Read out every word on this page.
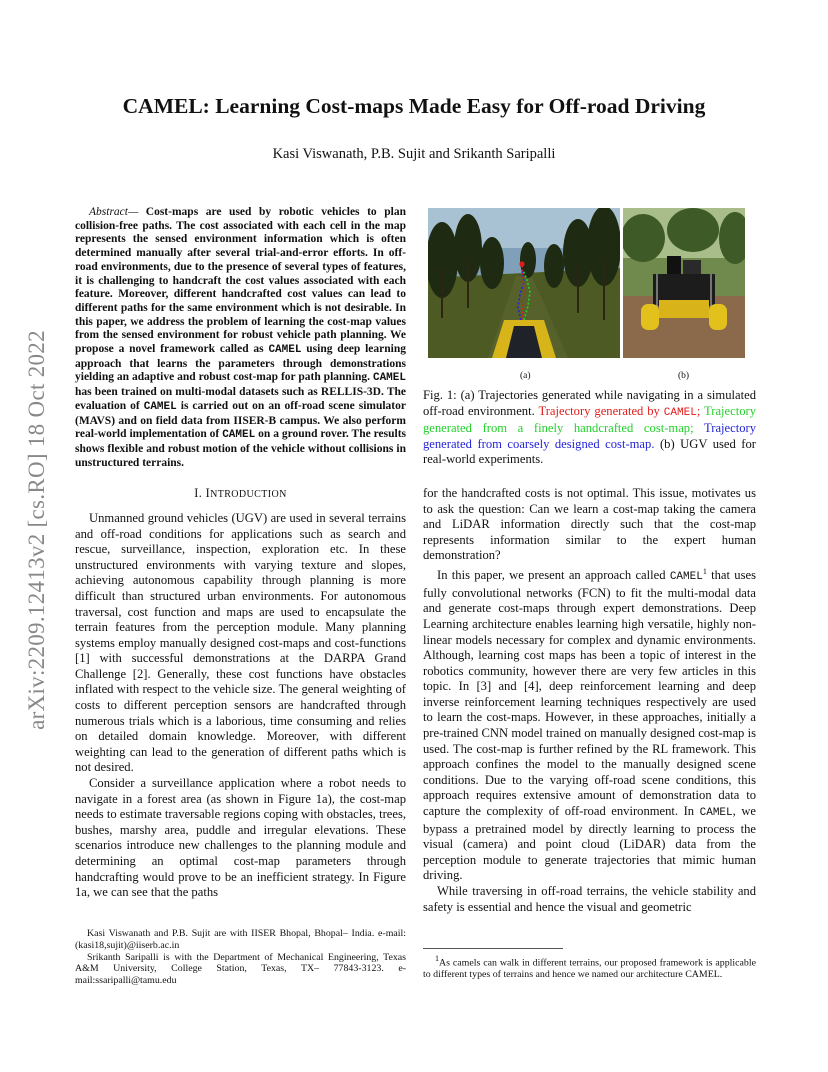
arXiv:2209.12413v2 [cs.RO] 18 Oct 2022
CAMEL: Learning Cost-maps Made Easy for Off-road Driving
Kasi Viswanath, P.B. Sujit and Srikanth Saripalli

Abstract— Cost-maps are used by robotic vehicles to plan collision-free paths. The cost associated with each cell in the map represents the sensed environment information which is often determined manually after several trial-and-error efforts. In off-road environments, due to the presence of several types of features, it is challenging to handcraft the cost values associated with each feature. Moreover, different handcrafted cost values can lead to different paths for the same environment which is not desirable. In this paper, we address the problem of learning the cost-map values from the sensed environment for robust vehicle path planning. We propose a novel framework called as CAMEL using deep learning approach that learns the parameters through demonstrations yielding an adaptive and robust cost-map for path planning. CAMEL has been trained on multi-modal datasets such as RELLIS-3D. The evaluation of CAMEL is carried out on an off-road scene simulator (MAVS) and on field data from IISER-B campus. We also perform real-world implementation of CAMEL on a ground rover. The results shows flexible and robust motion of the vehicle without collisions in unstructured terrains.

I. INTRODUCTION

Unmanned ground vehicles (UGV) are used in several terrains and off-road conditions for applications such as search and rescue, surveillance, inspection, exploration etc. In these unstructured environments with varying texture and slopes, achieving autonomous capability through planning is more difficult than structured urban environments. For autonomous traversal, cost function and maps are used to encapsulate the terrain features from the perception module. Many planning systems employ manually designed cost-maps and cost-functions [1] with successful demonstrations at the DARPA Grand Challenge [2]. Generally, these cost functions have obstacles inflated with respect to the vehicle size. The general weighting of costs to different perception sensors are handcrafted through numerous trials which is a laborious, time consuming and relies on detailed domain knowledge. Moreover, with different weighting can lead to the generation of different paths which is not desired.

Consider a surveillance application where a robot needs to navigate in a forest area (as shown in Figure 1a), the cost-map needs to estimate traversable regions coping with obstacles, trees, bushes, marshy area, puddle and irregular elevations. These scenarios introduce new challenges to the planning module and determining an optimal cost-map parameters through handcrafting would prove to be an inefficient strategy. In Figure 1a, we can see that the paths

Kasi Viswanath and P.B. Sujit are with IISER Bhopal, Bhopal– India. e-mail:(kasi18,sujit)@iiserb.ac.in

Srikanth Saripalli is with the Department of Mechanical Engineering, Texas A&M University, College Station, Texas, TX– 77843-3123. e-mail:ssaripalli@tamu.edu

(a)	(b)

Fig. 1: (a) Trajectories generated while navigating in a simulated off-road environment. Trajectory generated by CAMEL; Trajectory generated from a finely handcrafted cost-map; Trajectory generated from coarsely designed cost-map. (b) UGV used for real-world experiments.

for the handcrafted costs is not optimal. This issue, motivates us to ask the question: Can we learn a cost-map taking the camera and LiDAR information directly such that the cost-map represents information similar to the expert human demonstration?

In this paper, we present an approach called CAMEL$^1$ that uses fully convolutional networks (FCN) to fit the multi-modal data and generate cost-maps through expert demonstrations. Deep Learning architecture enables learning high versatile, highly non-linear models necessary for complex and dynamic environments. Although, learning cost maps has been a topic of interest in the robotics community, however there are very few articles in this topic. In [3] and [4], deep reinforcement learning and deep inverse reinforcement learning techniques respectively are used to learn the cost-maps. However, in these approaches, initially a pre-trained CNN model trained on manually designed cost-map is used. The cost-map is further refined by the RL framework. This approach confines the model to the manually designed scene conditions. Due to the varying off-road scene conditions, this approach requires extensive amount of demonstration data to capture the complexity of off-road environment. In CAMEL, we bypass a pretrained model by directly learning to process the visual (camera) and point cloud (LiDAR) data from the perception module to generate trajectories that mimic human driving.

While traversing in off-road terrains, the vehicle stability and safety is essential and hence the visual and geometric

$^1$As camels can walk in different terrains, our proposed framework is applicable to different types of terrains and hence we named our architecture CAMEL.
